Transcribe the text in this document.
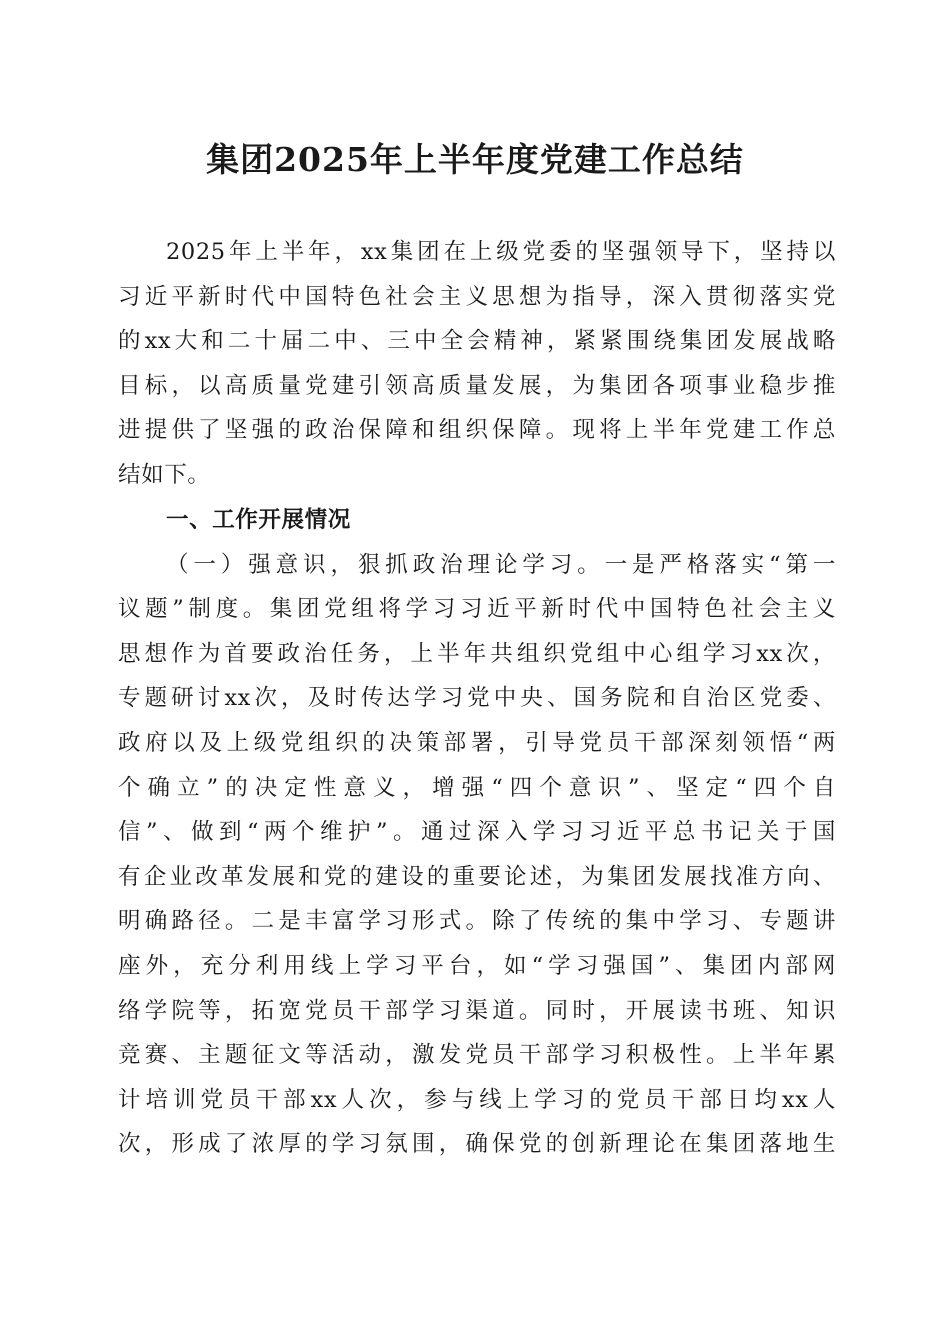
集团2025年上半年度党建工作总结
2025年上半年，xx集团在上级党委的坚强领导下，坚持以
习近平新时代中国特色社会主义思想为指导，深入贯彻落实党
的xx大和二十届二中、三中全会精神，紧紧围绕集团发展战略
目标，以高质量党建引领高质量发展，为集团各项事业稳步推
进提供了坚强的政治保障和组织保障。现将上半年党建工作总
结如下。
一、工作开展情况
（一）强意识，狠抓政治理论学习。一是严格落实“第一
议题”制度。集团党组将学习习近平新时代中国特色社会主义
思想作为首要政治任务，上半年共组织党组中心组学习xx次，
专题研讨xx次，及时传达学习党中央、国务院和自治区党委、
政府以及上级党组织的决策部署，引导党员干部深刻领悟“两
个确立”的决定性意义，增强“四个意识”、坚定“四个自
信”、做到“两个维护”。通过深入学习习近平总书记关于国
有企业改革发展和党的建设的重要论述，为集团发展找准方向、
明确路径。二是丰富学习形式。除了传统的集中学习、专题讲
座外，充分利用线上学习平台，如“学习强国”、集团内部网
络学院等，拓宽党员干部学习渠道。同时，开展读书班、知识
竞赛、主题征文等活动，激发党员干部学习积极性。上半年累
计培训党员干部xx人次，参与线上学习的党员干部日均xx人
次，形成了浓厚的学习氛围，确保党的创新理论在集团落地生
